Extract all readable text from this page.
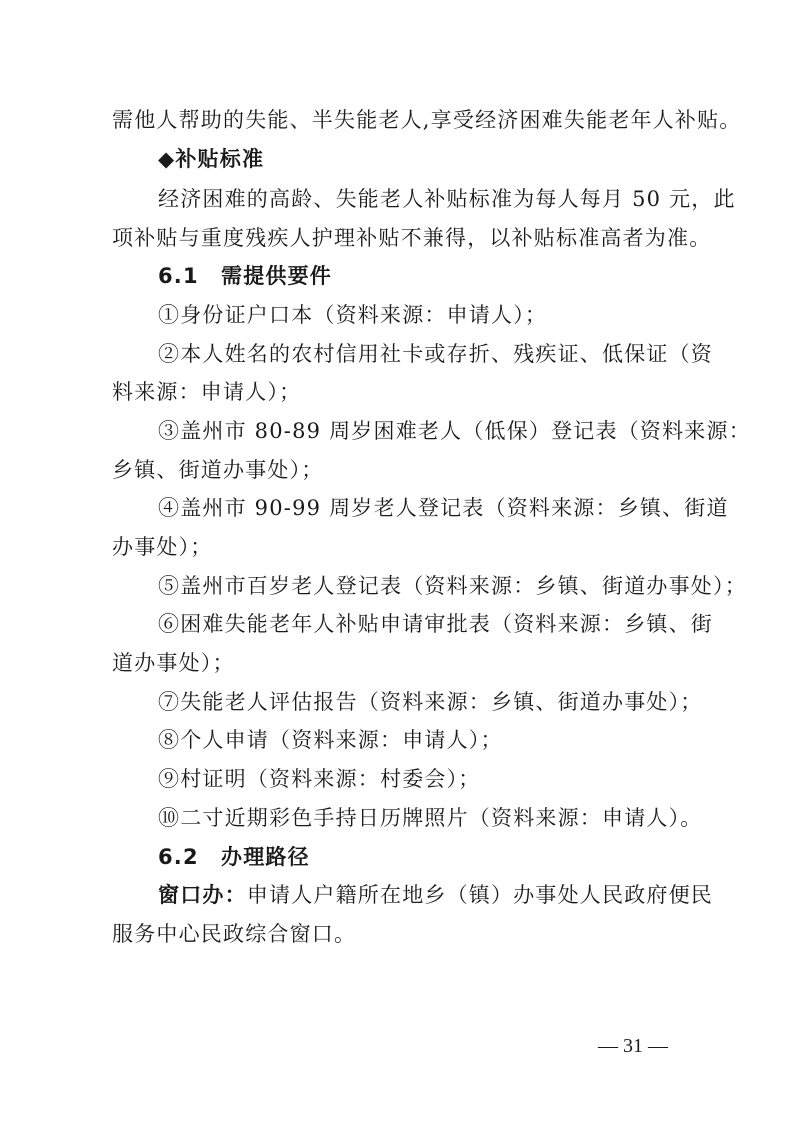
需他人帮助的失能、半失能老人,享受经济困难失能老年人补贴。
◆补贴标准
经济困难的高龄、失能老人补贴标准为每人每月 50 元，此
项补贴与重度残疾人护理补贴不兼得，以补贴标准高者为准。
6.1　需提供要件
①身份证户口本（资料来源：申请人）；
②本人姓名的农村信用社卡或存折、残疾证、低保证（资
料来源：申请人）；
③盖州市 80-89 周岁困难老人（低保）登记表（资料来源：
乡镇、街道办事处）；
④盖州市 90-99 周岁老人登记表（资料来源：乡镇、街道
办事处）；
⑤盖州市百岁老人登记表（资料来源：乡镇、街道办事处）；
⑥困难失能老年人补贴申请审批表（资料来源：乡镇、街
道办事处）；
⑦失能老人评估报告（资料来源：乡镇、街道办事处）；
⑧个人申请（资料来源：申请人）；
⑨村证明（资料来源：村委会）；
⑩二寸近期彩色手持日历牌照片（资料来源：申请人）。
6.2　办理路径
窗口办：申请人户籍所在地乡（镇）办事处人民政府便民
服务中心民政综合窗口。
— 31 —
